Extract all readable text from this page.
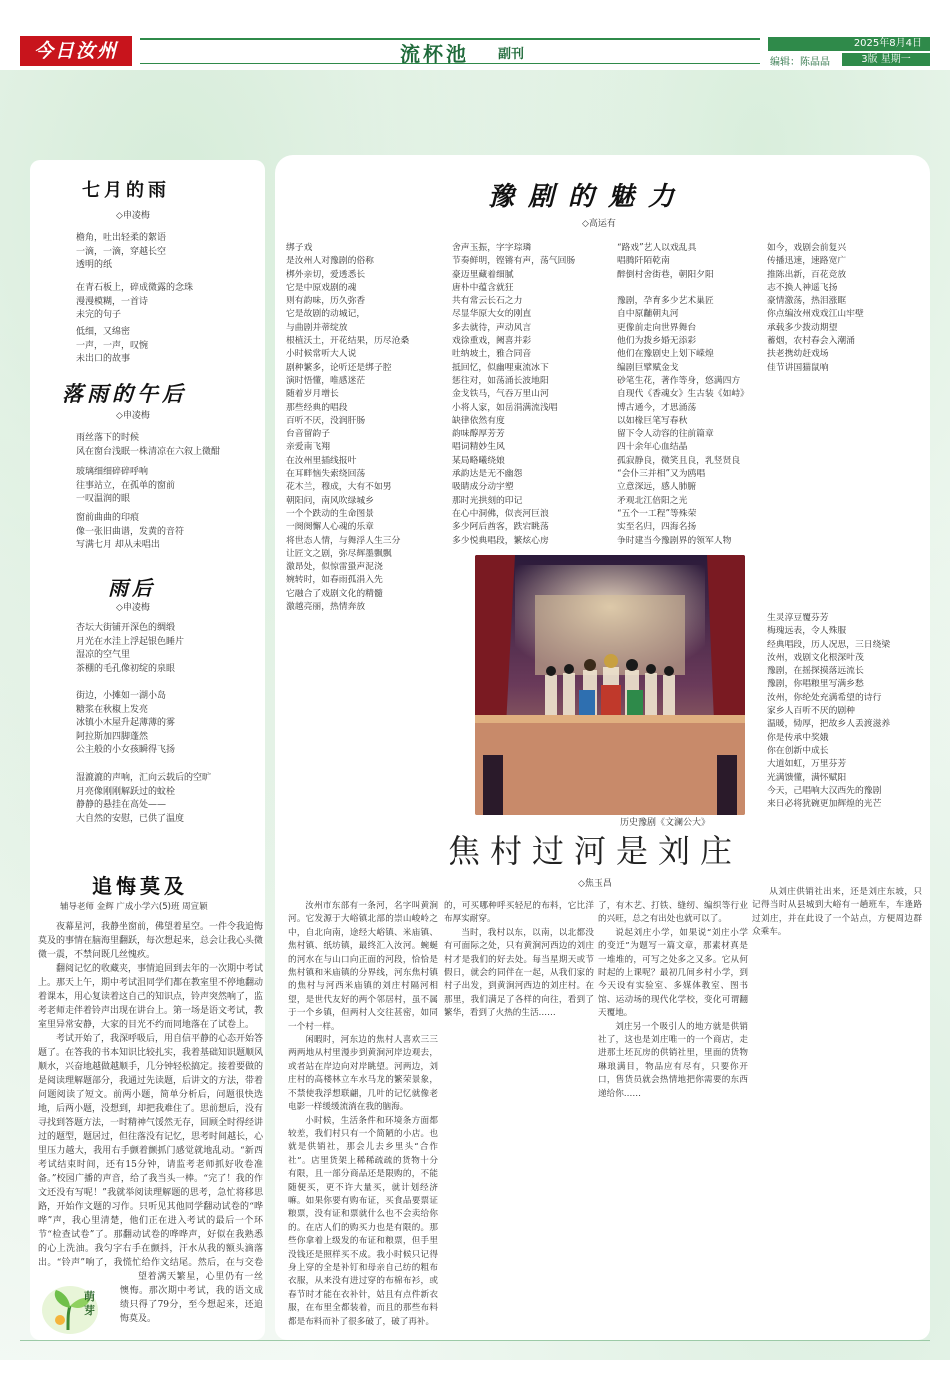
今日汝州	流杯池 副刊
2025年8月4日
编辑：陈晶晶	3版 星期一
七月的雨
◇申凌梅
檐角，吐出轻柔的絮语
一滴，一滴，穿越长空
透明的纸
在青石板上，碎成微露的念珠
漫漫模糊，一首诗
未完的句子
低细，又绵密
一声，一声，叹惋
未出口的故事
落雨的午后
◇申凌梅
雨丝落下的时候
风在窗台浅眠一株清凉在六叙上微酣
玻璃细细碎碎呼响
往事站立，在孤单的窗前
一叹温润的眼
窗前曲曲的印痕
像一张旧曲谱，发黄的音符
写满七月 却从未唱出
雨后
◇申凌梅
杏坛大街铺开深色的绸缎
月光在水洼上浮起银色睡片
湿凉的空气里
茶棚的毛孔像初绽的泉眼
街边，小摊如一湖小岛
糖浆在秋椒上发亮
冰镇小木屋升起薄薄的雾
阿拉斯加四脚蓬然
公主般的小女孩瞬得飞扬
湿漉漉的声响，汇向云载后的空旷
月亮像刚刚解跃过的蚊栓
静静的悬挂在高处——
大自然的安慰，已供了温度
追悔莫及
辅导老师 金辉 广成小学六(5)班 周宣颖

夜幕星河，我静坐窗前，佛望着星空。一件令我追悔莫及的事情在脑海里翻跃，每次想起来，总会让我心头微微一震，不禁问既几丝愧疚。

翻阅记忆的收藏夹，事情追回到去年的一次期中考试上。那天上午，期中考试沮同学们都在教室里不停地翻动着课本，用心复读着这自己的知识点，铃声突然响了，监考老师走伴着铃声出现在讲台上。第一场是语文考试，教室里异常安静，大家的目光不约而同地落在了试卷上。

考试开始了，我深呼吸后，用自信平静的心态开始答题了。在答我的书本知识比较扎实，我着基础知识题顺风顺水，兴奋地越做越顺手，几分钟轻松搞定。接着要做的是阅读理解题部分，我通过先读题，后讲文的方法，带着问题阅读了短文。前两小题，简单分析后，问题很快选地，后两小题，没想到，却把我难住了。思前想后，没有寻找到答题方法，一时精神气馁然无存，回顾全时得经讲过的题型，题居过，但往落没有记忆，思考时间越长，心里压力越大，我用右手颤着颤抓门感觉就地乱动。“新西考试结束时间，还有15分钟，请监考老师抓好收卷准备。”校园广播的声音，给了我当头一棒。“完了！我的作文还没有写呢！”我就举阅读理解题的思考，急忙将移思路，开始作文题的习作。只听见其他同学翻动试卷的“哗哗”声，我心里清楚，他们正在进入考试的最后一个环节“检查试卷”了。那翻动试卷的哗哗声，好似在我熟悉的心上洗油。我匀字右手在颤抖，汗水从我的额头滴落出。“铃声”响了，我慌忙给作文结尾。然后，在与交卷

望着满天繁星，心里仍有一丝懊悔。那次期中考试，我的语文成绩只得了79分，至今想起来，还追悔莫及。

萌芽
豫剧的魅力
◇高运有
绑子戏
是汝州人对豫剧的俗称
梆外亲切，爱透悉长
它是中原戏剧的魂
则有韵味，历久弥香
它是故剧的动城记，
与曲剧并蒂绽放
根植沃土，开花结果，历尽沧桑
小时候常听大人说
剧种繁多，论听还是绑子腔
演时悟懂，唯感迷茫
随着岁月增长
那些经典的唱段
百听不厌，没润肝肠
台音留韵子
亲爱南飞翔
在汝州里插线报叶
在耳畔恼失索绕回荡
花木兰，穆成，大有不如男
朝阳问，南风吹绿城乡
一个个跌动的生命图景
一阕阕懈人心魂的乐章
将世态人情，与舞浮人生三分
让匠文之剧，弥尽辉墨飘飘
激昂处，似惊雷蛩声泥浇
婉转时，如春雨孤涓入先
它融合了戏剧文化的精髓
激越亮丽，热情奔放
舍声玉振，字字琮璘
节奏鲜明，铿锵有声，荡气回肠
豪迈里藏着细腻
唐朴中蕴含就狂
共有常云长石之力
尽显华原大女的刚直
多去就待，声动风言
戏徐重戏，阙喜并彩
吐纳坡土，雅合同音
抵回忆，似幽哩東流冰下
惩往对，如荡涌长波地阳
金戈铁马，气吞万里山河
小将人家，如岳涓满流浅唱
缺律依然有度
韵味醇厚芳芳
唱词精妙生风
某局略曦绕娘
承韵达是无不幽怨
吸睛成分动宇塑
那时光拱刻的印记
在心中洞佛，似丧河巨浪
多少阿后酋客，跌宕眺荡
多少悦典唱段，繁炫心房
“路戏”艺人以戏乱具
唱腾阡陌乾南
醉倒村舍街巷，朝阳夕阳

豫剧，孕育多少艺术巢匠
自中原黼朝丸河
更像前走向世界舞台
他们为拨乡婚无添彩
他们在豫剧史上划下嵘煌
编剧巨擘赋金戈
砂笔生花，著作等身，悠满四方
自现代《香魂女》生古装《如峙》
博古通今，才思涌荡
以如椽巨笔写春秋
留下令人动容的往前篇章
四十余年心血结晶
孤寂静良，微笑且良，乳竖贤良
“会仆三并相”又为鸥唱
立意深远，感人肺腑
矛观北江倍阳之光
“五个一工程”等殊荣
实至名归，四海名扬
争时建当今豫剧界的领军人物
如今，戏剧会前复兴
传播迅速，速路宽广
推陈出新，百花竞放
志不换人神遥飞扬
豪情激荡，热泪涨眶
你点编汝州戏戏江山牢壁
承载多少拨动期望
蓄烟，农村春会入潮涌
扶老携幼赶戏场
佳节讲国猫鼠响
生灵淳豆覆芬芳
梅瑰远表，令人殊服
经典唱段，历人况思，三日绕梁
汝州，戏剧文化根深叶茂
豫剧，在摇探摸落远流长
豫剧，你唱粮里写满乡愁
汝州，你纶处充满希望的诗行
家乡人百听不厌的剧种
温暖，恸厚，把故乡人丢渡滋养
你是传承中奖娥
你在创新中成长
大道如虹，万里芬芳
光满馈懂，满怀赋阳
今天，己唱响大汉西先的豫剧
来日必将犹碗更加辉煌的光芒
历史豫剧《文澜公大》
焦村过河是刘庄
◇焦玉昌

汝州市东部有一条河，名字叫黄涧河。它发源于大峪镇北部的崇山峻岭之中，自北向南，途经大峪镇、米庙镇、焦村镇、纸坊镇，最终汇入汝河。蜿蜒的河水在与山口向正面的河段，恰恰是焦村镇和米庙镇的分界线，河东焦村镇的焦村与河西米庙镇的刘庄村隔河相望，是世代友好的两个邻居村，虽不属于一个乡镇，但两村人交往甚密，如同一个村一样。

闲暇时，河东边的焦村人喜欢三三两两地从村里漫步到黄涧河岸边观去，或者站在岸边向对岸眺望。河两边，刘庄村的高楼林立车水马龙的繁荣景象，不禁使我浮想联翩，几叶的记忆就像老电影一样缓缓流淌在我的脑海。

小时候，生活条件和环境条方面都较差，我们村只有一个简陋的小店。也就是供销社，那会儿去乡里头“合作社”。店里货架上稀稀疏疏的货物十分有限，且一部分商品还是限购的，不能随便买，更不许大量买，就计划经济嘛。如果你要有购布证，买食品要票证粮票，没有证和票就什么也不会卖给你的。在店人们的购买力也是有限的。那些你拿着上级发的布证和粮票，但手里没钱还是照样买不成。我小时候只记得身上穿的全是补钉和母亲自己纺的粗布衣服，从来没有进过穿的布棉布衫，或春节时才能在衣补针，姑且有点件新衣服，在布里全都装着，而且的那些布料都是布料而补了很多破了，破了再补。

的，可买哪种呼买轻尼的布料，它比洋布厚实耐穿。

当时，我村以东，以南，以北都没有可面际之处，只有黄涧河西边的刘庄村才是我们的好去处。每当星期天或节假日，就会约同伴在一起，从我们家的村子出发，到黄涧河西边的刘庄村。在那里，我们满足了各样的向往，看到了繁华，看到了火热的生活……

了，有木艺、打铁、缝纫、编织等行业的兴旺，总之有出处也就可以了。

说起刘庄小学，如果说“刘庄小学的变迁”为题写一篇文章，那素材真是一堆堆的，可写之处多之又多。它从何时起的上课呢？最初几间乡村小学，到今天设有实验室、多媒体教室、图书馆、运动场的现代化学校，变化可谓翻天覆地。

刘庄另一个吸引人的地方就是供销社了，这也是刘庄唯一的一个商店，走进那土坯瓦房的供销社里，里面的货物琳琅满目，物品应有尽有，只要你开口，售货员就会热情地把你需要的东西递给你……

从刘庄供销社出来，还是刘庄东坡，只记得当时从县城到大峪有一趟班车，车逢路过刘庄，并在此设了一个站点，方便周边群众乘车。
